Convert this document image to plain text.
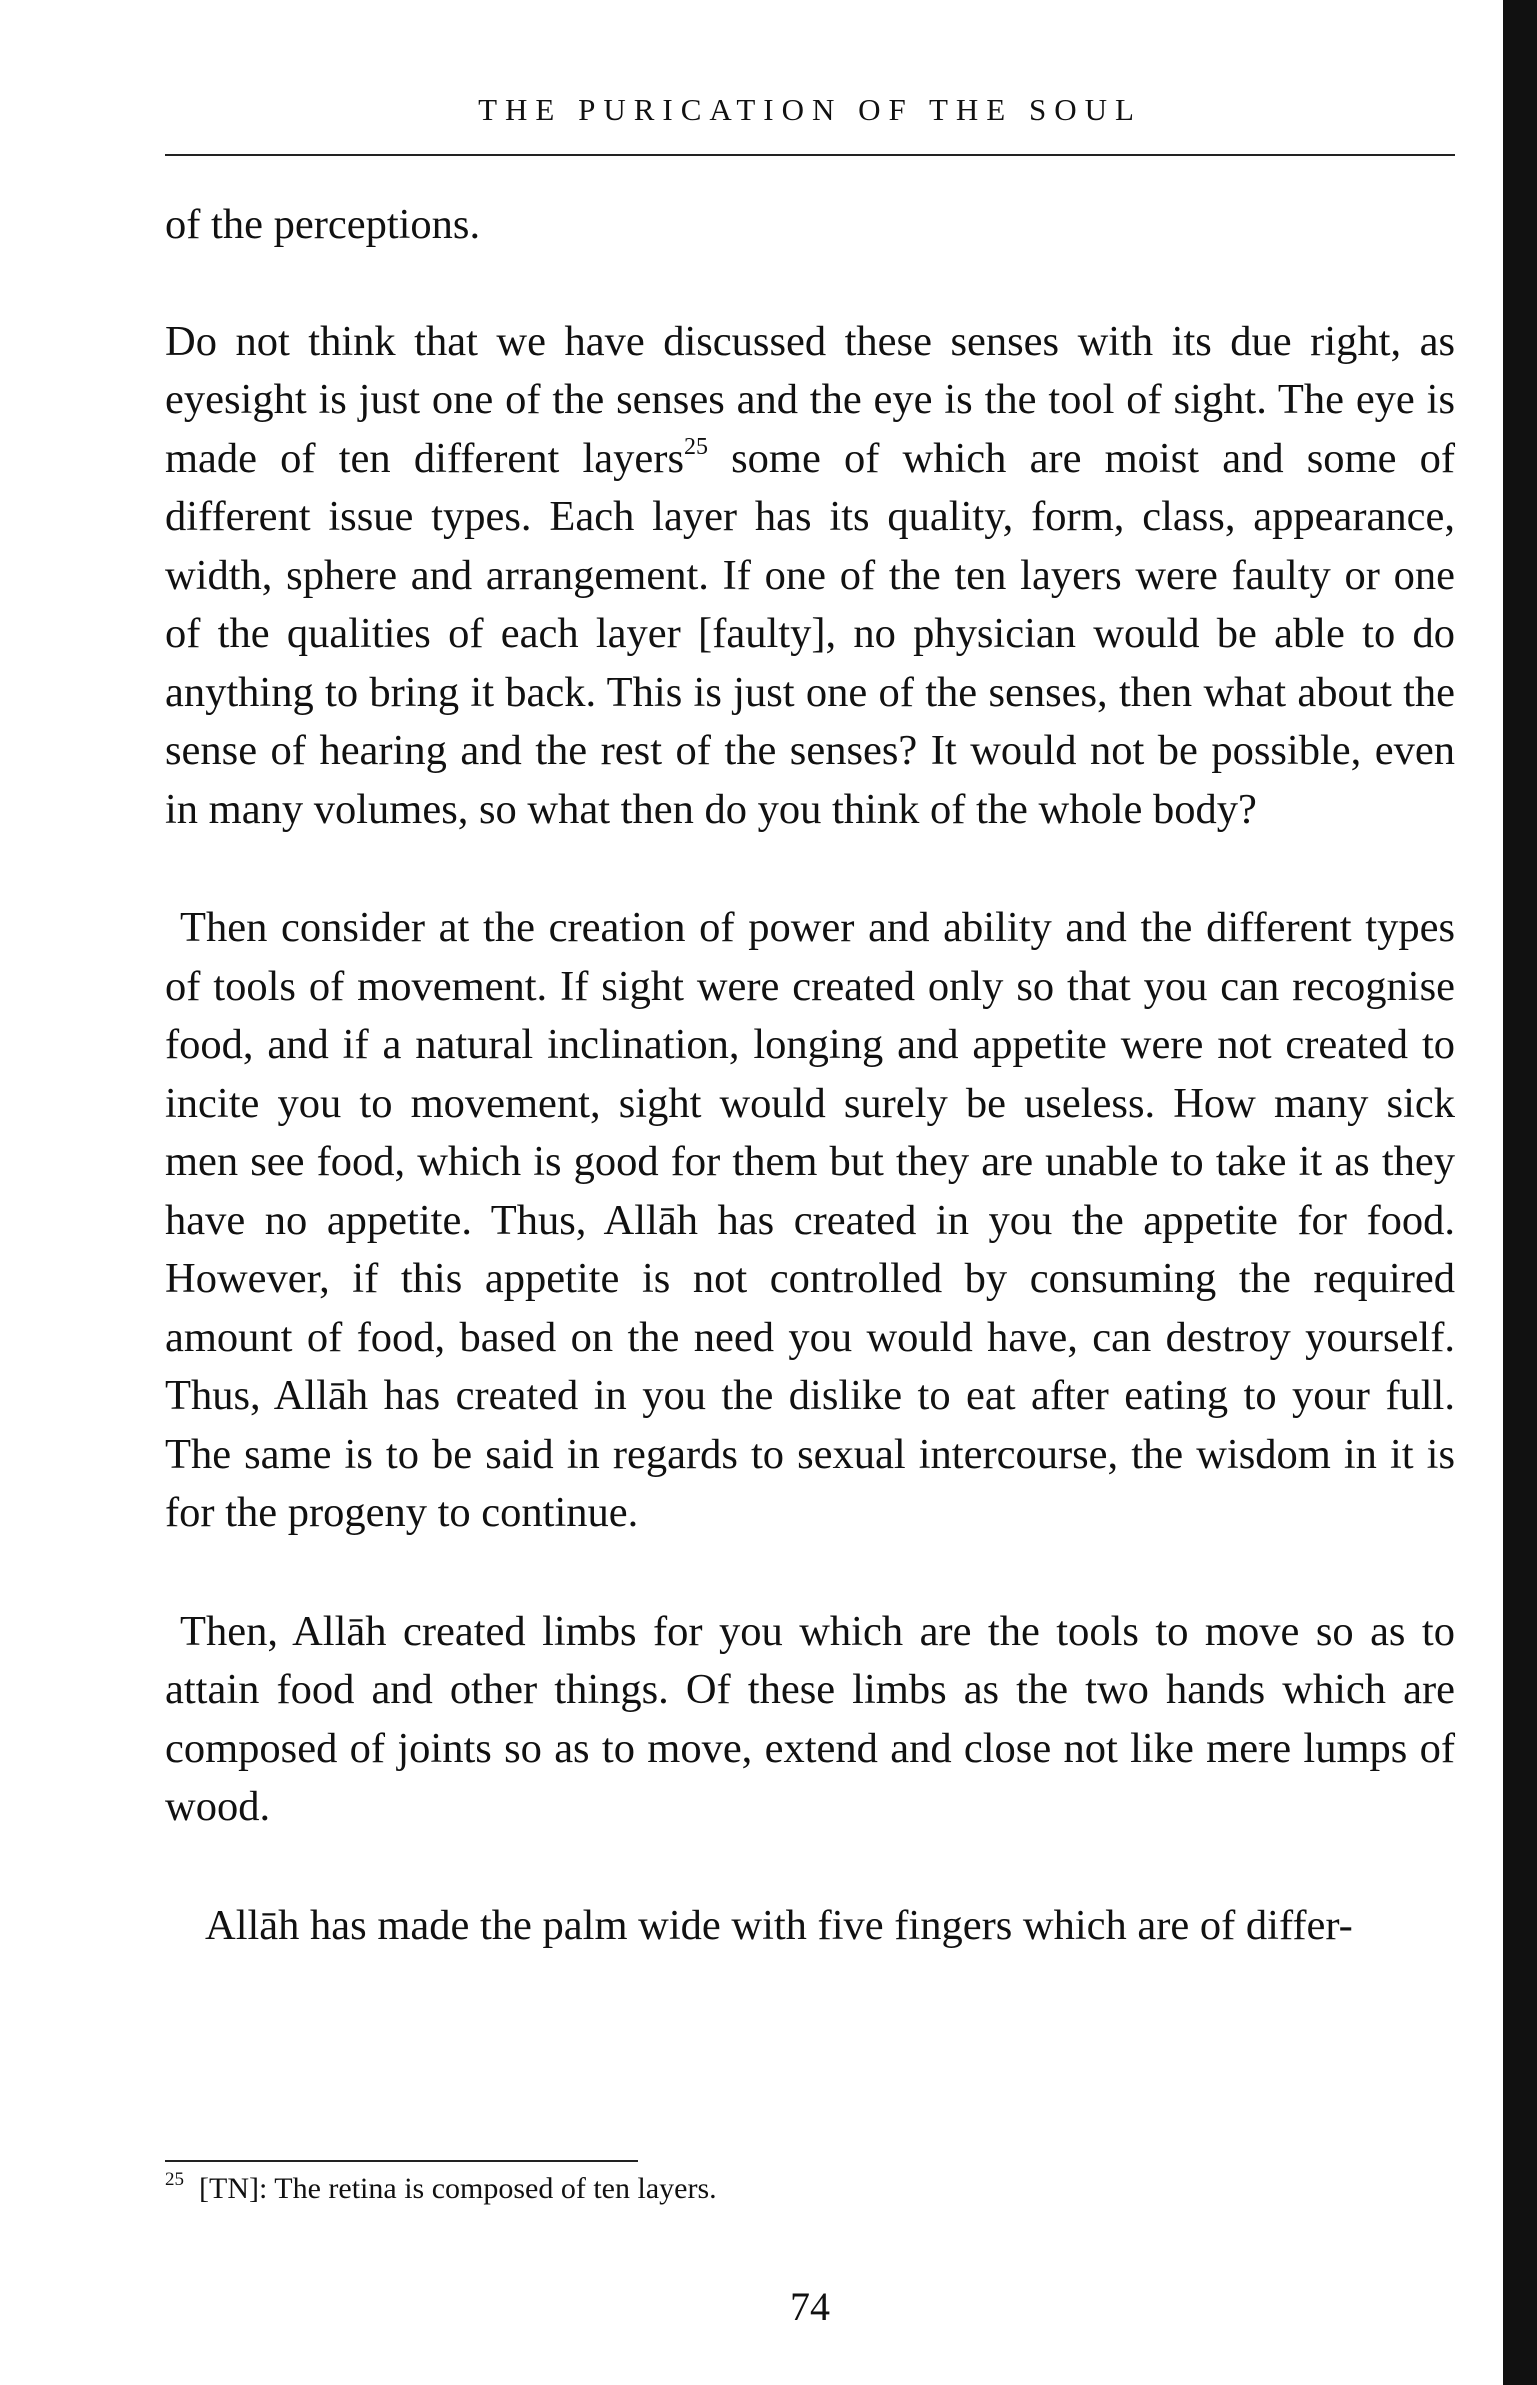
THE PURICATION OF THE SOUL

of the perceptions.

Do not think that we have discussed these senses with its due right, as eyesight is just one of the senses and the eye is the tool of sight. The eye is made of ten different layers$^{25}$ some of which are moist and some of different issue types. Each layer has its quality, form, class, appearance, width, sphere and arrangement. If one of the ten layers were faulty or one of the qualities of each layer [faulty], no physician would be able to do anything to bring it back. This is just one of the senses, then what about the sense of hearing and the rest of the senses? It would not be possible, even in many volumes, so what then do you think of the whole body?

Then consider at the creation of power and ability and the different types of tools of movement. If sight were created only so that you can recognise food, and if a natural inclination, longing and appetite were not created to incite you to movement, sight would surely be useless. How many sick men see food, which is good for them but they are unable to take it as they have no appetite. Thus, Allāh has created in you the appetite for food. However, if this appetite is not controlled by consuming the required amount of food, based on the need you would have, can destroy yourself. Thus, Allāh has created in you the dislike to eat after eating to your full. The same is to be said in regards to sexual intercourse, the wisdom in it is for the progeny to continue.

Then, Allāh created limbs for you which are the tools to move so as to attain food and other things. Of these limbs as the two hands which are composed of joints so as to move, extend and close not like mere lumps of wood.

Allāh has made the palm wide with five fingers which are of differ-

$^{25}$ [TN]: The retina is composed of ten layers.
74
